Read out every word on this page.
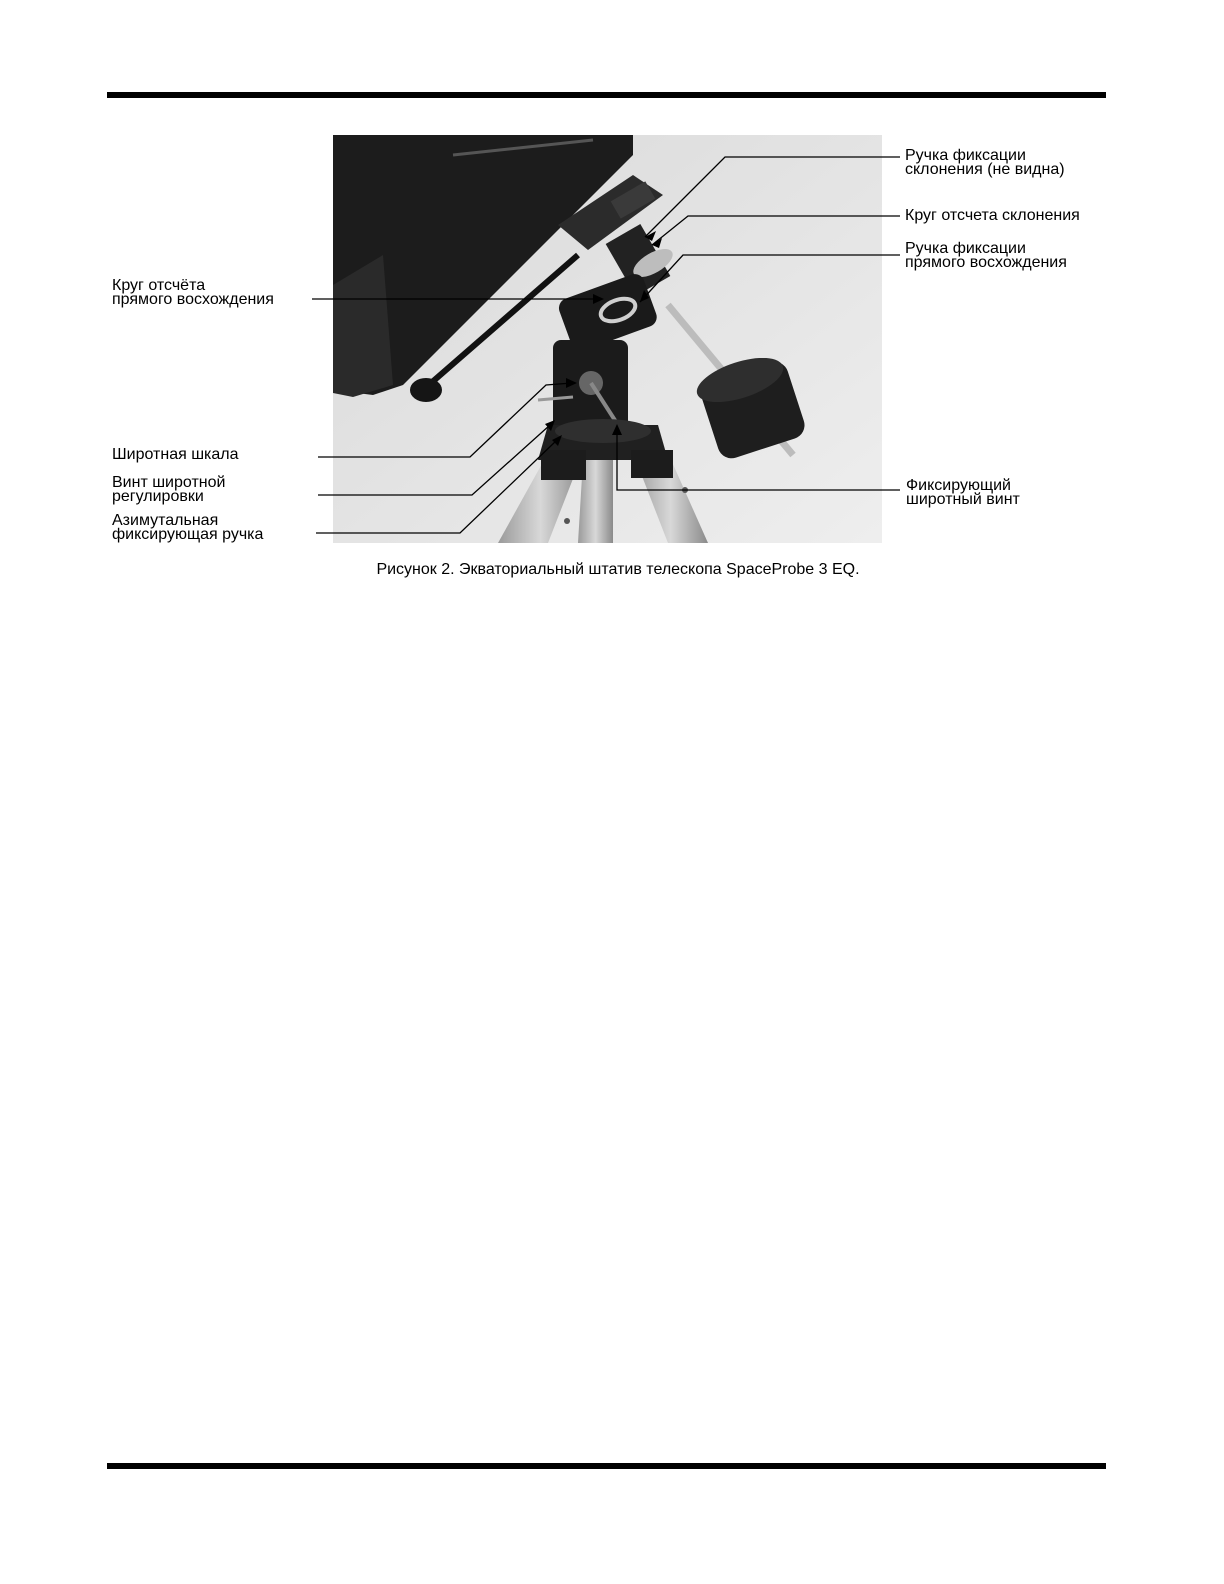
Ручка фиксации
склонения (не видна)
Круг отсчета склонения
Ручка фиксации
прямого восхождения
Круг отсчёта
прямого восхождения
Широтная шкала
Винт широтной
регулировки
Азимутальная
фиксирующая ручка
Фиксирующий
широтный винт
Рисунок 2. Экваториальный штатив телескопа SpaceProbe 3 EQ.
